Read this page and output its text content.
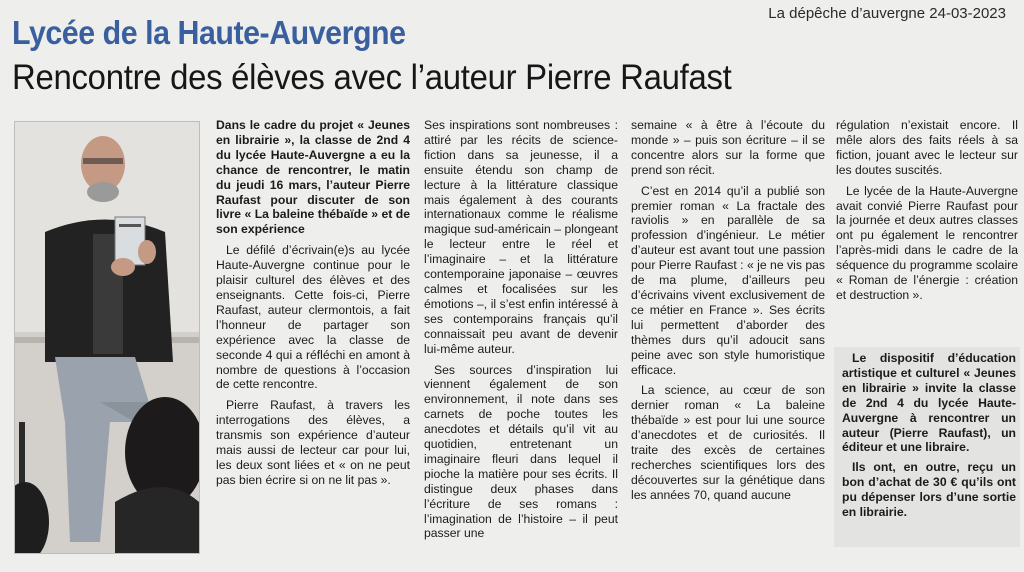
La dépêche d’auvergne 24-03-2023
Lycée de la Haute-Auvergne
Rencontre des élèves avec l’auteur Pierre Raufast

Dans le cadre du projet « Jeunes en librairie », la classe de 2nd 4 du lycée Haute-Auvergne a eu la chance de rencontrer, le matin du jeudi 16 mars, l’auteur Pierre Raufast pour discuter de son livre « La baleine thébaïde » et de son expérience

Le défilé d’écrivain(e)s au lycée Haute-Auvergne continue pour le plaisir culturel des élèves et des enseignants. Cette fois-ci, Pierre Raufast, auteur clermontois, a fait l’honneur de partager son expérience avec la classe de seconde 4 qui a réfléchi en amont à nombre de questions à l’occasion de cette rencontre.

Pierre Raufast, à travers les interrogations des élèves, a transmis son expérience d’auteur mais aussi de lecteur car pour lui, les deux sont liées et « on ne peut pas bien écrire si on ne lit pas ».

Ses inspirations sont nombreuses : attiré par les récits de science-fiction dans sa jeunesse, il a ensuite étendu son champ de lecture à la littérature classique mais également à des courants internationaux comme le réalisme magique sud-américain – plongeant le lecteur entre le réel et l’imaginaire – et la littérature contemporaine japonaise – œuvres calmes et focalisées sur les émotions –, il s’est enfin intéressé à ses contemporains français qu’il connaissait peu avant de devenir lui-même auteur.

Ses sources d’inspiration lui viennent également de son environnement, il note dans ses carnets de poche toutes les anecdotes et détails qu’il vit au quotidien, entretenant un imaginaire fleuri dans lequel il pioche la matière pour ses écrits. Il distingue deux phases dans l’écriture de ses romans : l’imagination de l’histoire – il peut passer une

semaine « à être à l’écoute du monde » – puis son écriture – il se concentre alors sur la forme que prend son récit.

C’est en 2014 qu’il a publié son premier roman « La fractale des raviolis » en parallèle de sa profession d’ingénieur. Le métier d’auteur est avant tout une passion pour Pierre Raufast : « je ne vis pas de ma plume, d’ailleurs peu d’écrivains vivent exclusivement de ce métier en France ». Ses écrits lui permettent d’aborder des thèmes durs qu’il adoucit sans peine avec son style humoristique efficace.

La science, au cœur de son dernier roman « La baleine thébaïde » est pour lui une source d’anecdotes et de curiosités. Il traite des excès de certaines recherches scientifiques lors des découvertes sur la génétique dans les années 70, quand aucune

régulation n’existait encore. Il mêle alors des faits réels à sa fiction, jouant avec le lecteur sur les doutes suscités.

Le lycée de la Haute-Auvergne avait convié Pierre Raufast pour la journée et deux autres classes ont pu également le rencontrer l’après-midi dans le cadre de la séquence du programme scolaire « Roman de l’énergie : création et destruction ».

Le dispositif d’éducation artistique et culturel « Jeunes en librairie » invite la classe de 2nd 4 du lycée Haute-Auvergne à rencontrer un auteur (Pierre Raufast), un éditeur et une libraire.

Ils ont, en outre, reçu un bon d’achat de 30 € qu’ils ont pu dépenser lors d’une sortie en librairie.
